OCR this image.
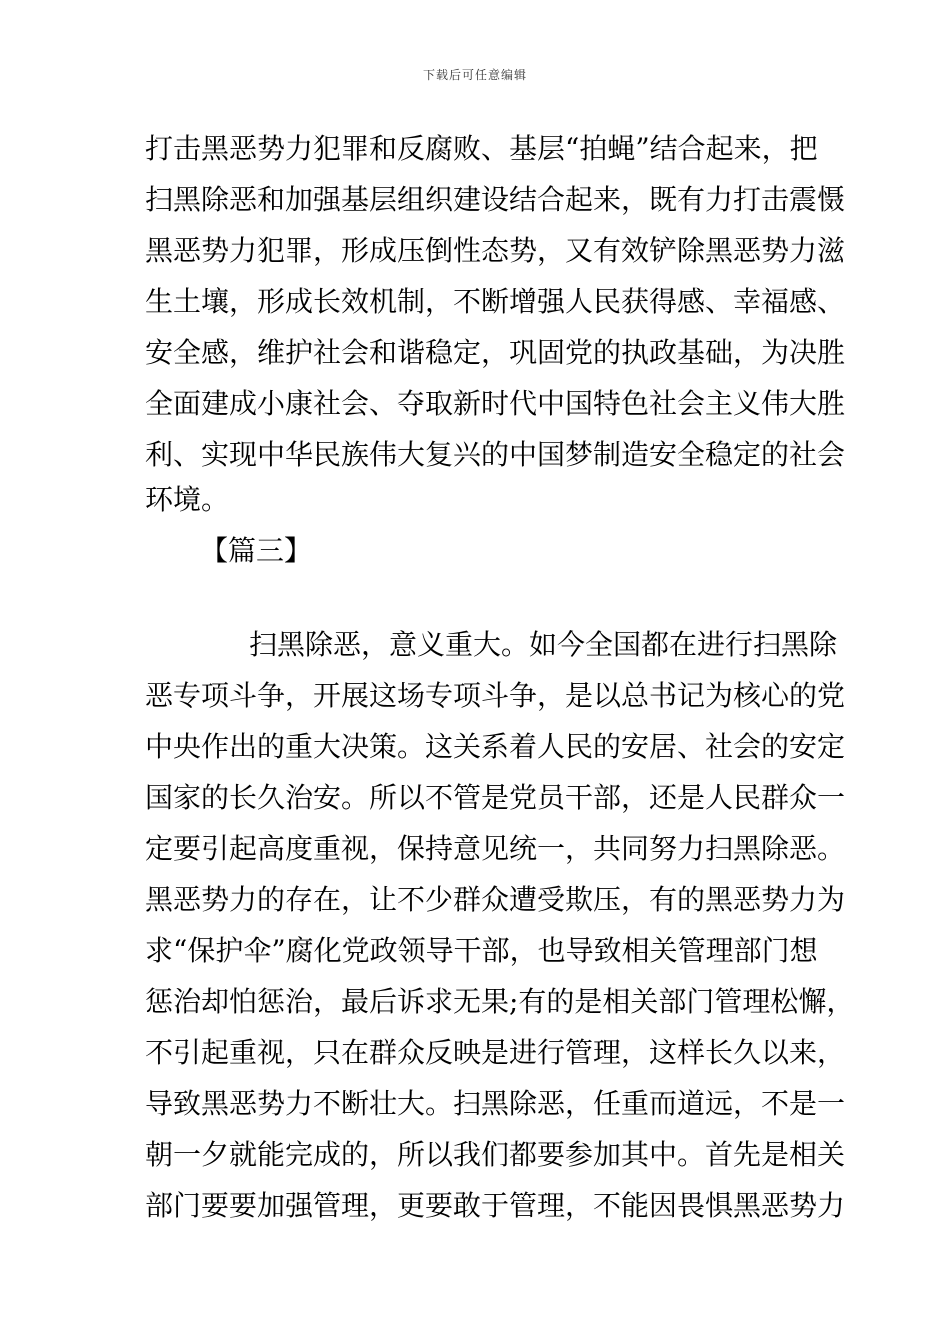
下载后可任意编辑
打击黑恶势力犯罪和反腐败、基层“拍蝇”结合起来，把
扫黑除恶和加强基层组织建设结合起来，既有力打击震慑
黑恶势力犯罪，形成压倒性态势，又有效铲除黑恶势力滋
生土壤，形成长效机制，不断增强人民获得感、幸福感、
安全感，维护社会和谐稳定，巩固党的执政基础，为决胜
全面建成小康社会、夺取新时代中国特色社会主义伟大胜
利、实现中华民族伟大复兴的中国梦制造安全稳定的社会
环境。
【篇三】
扫黑除恶，意义重大。如今全国都在进行扫黑除
恶专项斗争，开展这场专项斗争，是以总书记为核心的党
中央作出的重大决策。这关系着人民的安居、社会的安定
国家的长久治安。所以不管是党员干部，还是人民群众一
定要引起高度重视，保持意见统一，共同努力扫黑除恶。
黑恶势力的存在，让不少群众遭受欺压，有的黑恶势力为
求“保护伞”腐化党政领导干部，也导致相关管理部门想
惩治却怕惩治，最后诉求无果;有的是相关部门管理松懈，
不引起重视，只在群众反映是进行管理，这样长久以来，
导致黑恶势力不断壮大。扫黑除恶，任重而道远，不是一
朝一夕就能完成的，所以我们都要参加其中。首先是相关
部门要要加强管理，更要敢于管理，不能因畏惧黑恶势力
